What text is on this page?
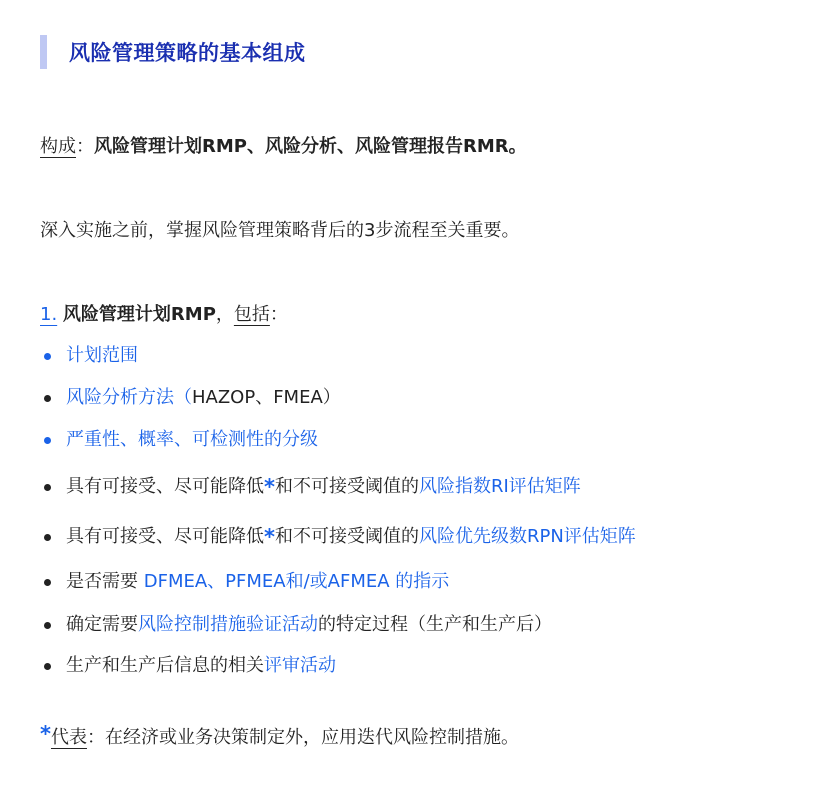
风险管理策略的基本组成
构成：风险管理计划RMP、风险分析、风险管理报告RMR。
深入实施之前，掌握风险管理策略背后的3步流程至关重要。
1. 风险管理计划RMP，包括：
计划范围
风险分析方法（ HAZOP、FMEA）
严重性、概率、可检测性的分级
具有可接受、尽可能降低 * 和不可接受阈值的 风险指数RI评估矩阵
具有可接受、尽可能降低 * 和不可接受阈值的 风险优先级数RPN评估矩阵
是否需要 DFMEA、PFMEA和/或AFMEA 的指示
确定需要 风险控制措施验证活动 的特定过程（生产和生产后）
生产和生产后信息的相关 评审活动
*代表：在经济或业务决策制定外，应用迭代风险控制措施。
